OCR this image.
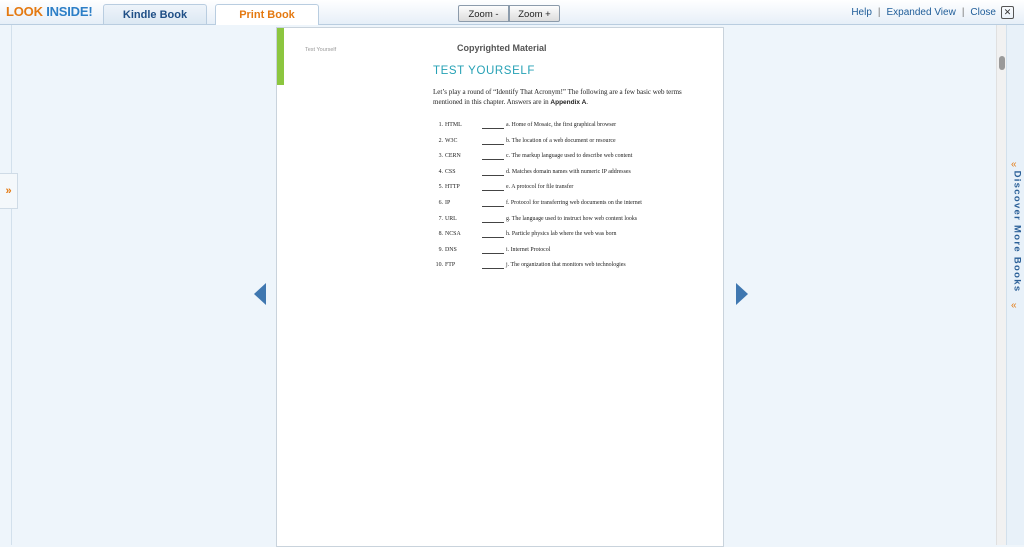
LOOK INSIDE!	Kindle Book	Print Book	Zoom -	Zoom +	Help | Expanded View | Close ✕
»
Test Yourself	Copyrighted Material
TEST YOURSELF
Let’s play a round of “Identify That Acronym!” The following are a few basic web terms mentioned in this chapter. Answers are in Appendix A.
1. HTML	a. Home of Mosaic, the first graphical browser
2. W3C	b. The location of a web document or resource
3. CERN	c. The markup language used to describe web content
4. CSS	d. Matches domain names with numeric IP addresses
5. HTTP	e. A protocol for file transfer
6. IP	f. Protocol for transferring web documents on the internet
7. URL	g. The language used to instruct how web content looks
8. NCSA	h. Particle physics lab where the web was born
9. DNS	i. Internet Protocol
10. FTP	j. The organization that monitors web technologies
«
Discover More Books
«
